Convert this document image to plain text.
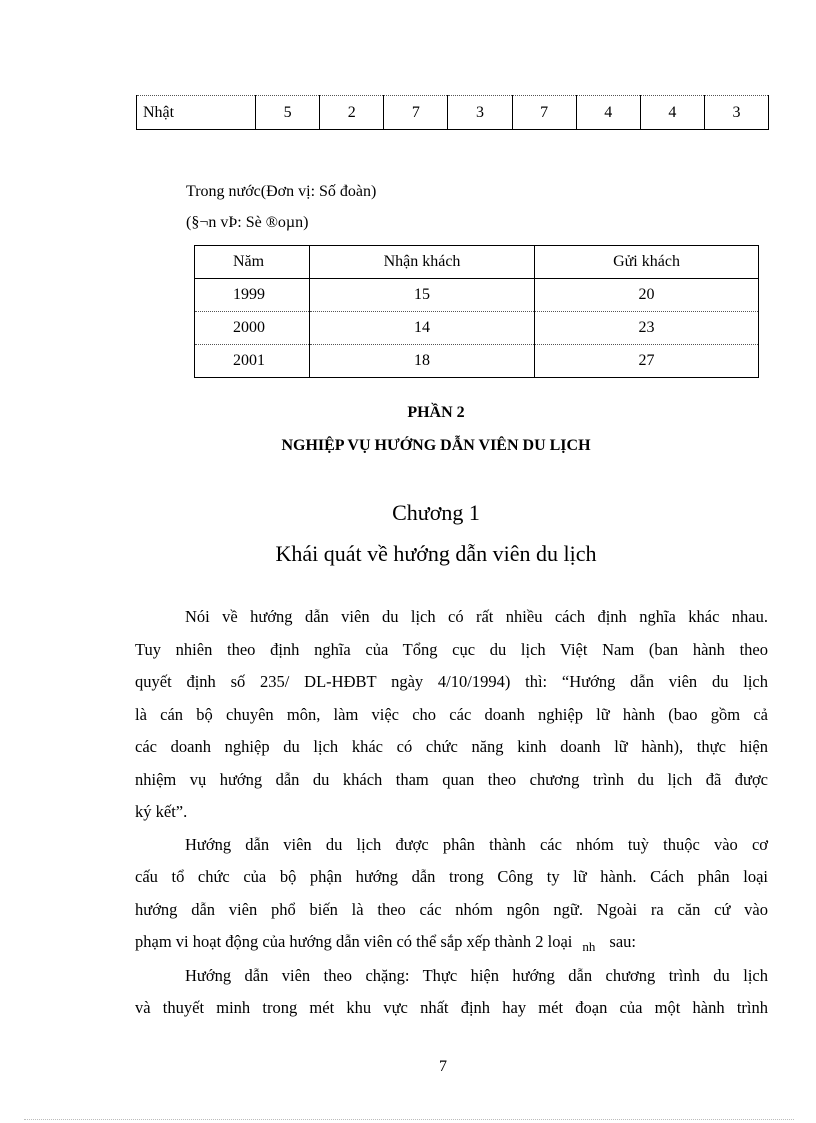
Nhật	5	2	7	3	7	4	4	3
Trong nước(Đơn vị: Số đoàn)
(§¬n vÞ: Sè ®oµn)
Năm	Nhận khách	Gửi khách
1999	15	20
2000	14	23
2001	18	27
PHẦN 2
NGHIỆP VỤ HƯỚNG DẪN VIÊN DU LỊCH
Chương 1
Khái quát về hướng dẫn viên du lịch
Nói về hướng dẫn viên du lịch có rất nhiều cách định nghĩa khác nhau.
Tuy nhiên theo định nghĩa của Tổng cục du lịch Việt Nam (ban hành theo
quyết định số 235/ DL-HĐBT ngày 4/10/1994) thì: “Hướng dẫn viên du lịch
là cán bộ chuyên môn, làm việc cho các doanh nghiệp lữ hành (bao gồm cả
các doanh nghiệp du lịch khác có chức năng kinh doanh lữ hành), thực hiện
nhiệm vụ hướng dẫn du khách tham quan theo chương trình du lịch đã được
ký kết”.
Hướng dẫn viên du lịch được phân thành các nhóm tuỳ thuộc vào cơ
cấu tổ chức của bộ phận hướng dẫn trong Công ty lữ hành. Cách phân loại
hướng dẫn viên phổ biến là theo các nhóm ngôn ngữ. Ngoài ra căn cứ vào
phạm vi hoạt động của hướng dẫn viên có thể sắp xếp thành 2 loại $_{nh}$ sau:
Hướng dẫn viên theo chặng: Thực hiện hướng dẫn chương trình du lịch
và thuyết minh trong mét khu vực nhất định hay mét đoạn của một hành trình
7
